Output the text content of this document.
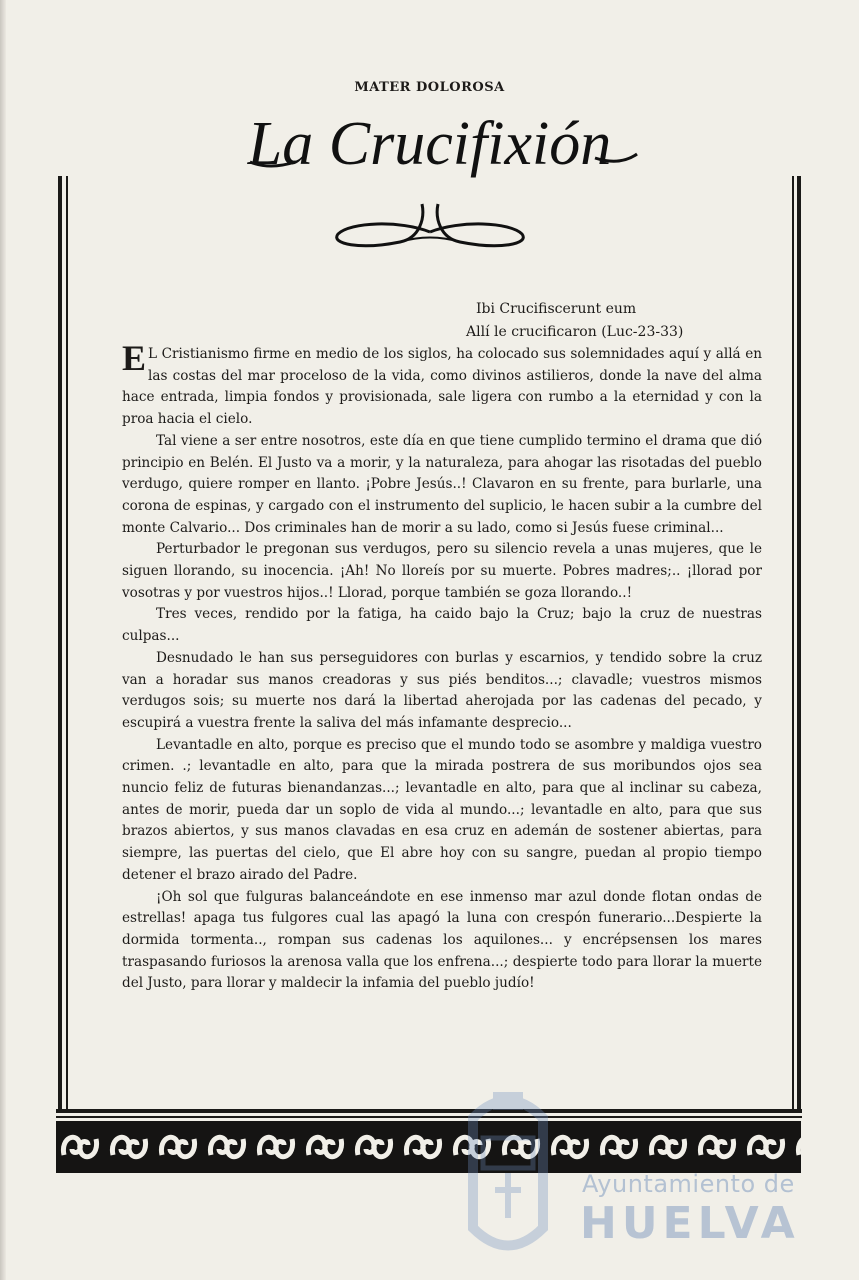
MATER DOLOROSA
La Crucifixión
Ibi Crucifiscerunt eum
Allí le crucificaron (Luc-23-33)

E L Cristianismo firme en medio de los siglos, ha colocado sus solemnidades aquí y allá en las costas del mar proceloso de la vida, como divinos astilieros, donde la nave del alma hace entrada, limpia fondos y provisionada, sale ligera con rumbo a la eternidad y con la proa hacia el cielo.

Tal viene a ser entre nosotros, este día en que tiene cumplido termino el drama que dió principio en Belén. El Justo va a morir, y la naturaleza, para ahogar las risotadas del pueblo verdugo, quiere romper en llanto. ¡Pobre Jesús..! Clavaron en su frente, para burlarle, una corona de espinas, y cargado con el instrumento del suplicio, le hacen subir a la cumbre del monte Calvario... Dos criminales han de morir a su lado, como si Jesús fuese criminal...

Perturbador le pregonan sus verdugos, pero su silencio revela a unas mujeres, que le siguen llorando, su inocencia. ¡Ah! No lloreís por su muerte. Pobres madres;.. ¡llorad por vosotras y por vuestros hijos..! Llorad, porque también se goza llorando..!

Tres veces, rendido por la fatiga, ha caido bajo la Cruz; bajo la cruz de nuestras culpas...

Desnudado le han sus perseguidores con burlas y escarnios, y tendido sobre la cruz van a horadar sus manos creadoras y sus piés benditos...; clavadle; vuestros mismos verdugos sois; su muerte nos dará la libertad aherojada por las cadenas del pecado, y escupirá a vuestra frente la saliva del más infamante desprecio...

Levantadle en alto, porque es preciso que el mundo todo se asombre y maldiga vuestro crimen. .; levantadle en alto, para que la mirada postrera de sus moribundos ojos sea nuncio feliz de futuras bienandanzas...; levantadle en alto, para que al inclinar su cabeza, antes de morir, pueda dar un soplo de vida al mundo...; levantadle en alto, para que sus brazos abiertos, y sus manos clavadas en esa cruz en ademán de sostener abiertas, para siempre, las puertas del cielo, que El abre hoy con su sangre, puedan al propio tiempo detener el brazo airado del Padre.

¡Oh sol que fulguras balanceándote en ese inmenso mar azul donde flotan ondas de estrellas! apaga tus fulgores cual las apagó la luna con crespón funerario...Despierte la dormida tormenta.., rompan sus cadenas los aquilones... y encrépsensen los mares traspasando furiosos la arenosa valla que los enfrena...; despierte todo para llorar la muerte del Justo, para llorar y maldecir la infamia del pueblo judío!

Ayuntamiento de
HUELVA
